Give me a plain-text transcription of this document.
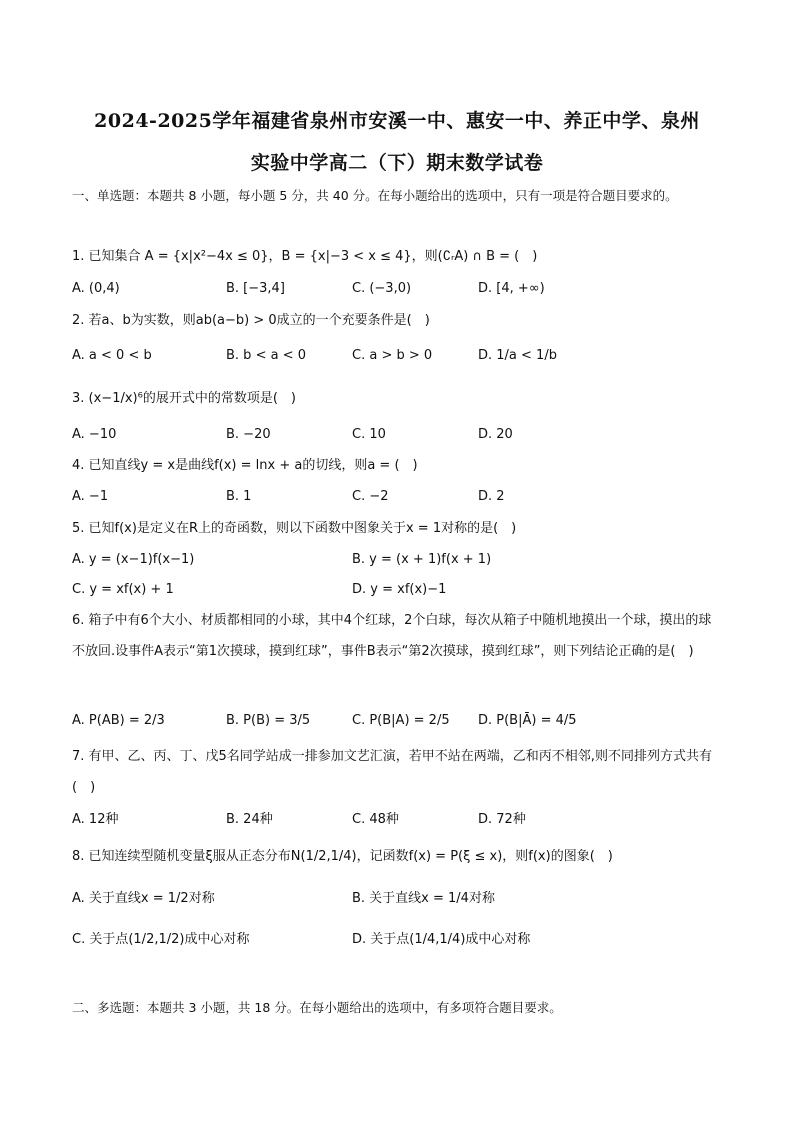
2024-2025学年福建省泉州市安溪一中、惠安一中、养正中学、泉州
实验中学高二（下）期末数学试卷
一、单选题：本题共 8 小题，每小题 5 分，共 40 分。在每小题给出的选项中，只有一项是符合题目要求的。
1. 已知集合 A = {x|x²−4x ≤ 0}，B = {x|−3 < x ≤ 4}，则(∁ᵣA) ∩ B = (　)
A. (0,4)	B. [−3,4]	C. (−3,0)	D. [4, +∞)
2. 若a、b为实数，则ab(a−b) > 0成立的一个充要条件是(　)
A. a < 0 < b	B. b < a < 0	C. a > b > 0	D. 1/a < 1/b
3. (x−1/x)⁶的展开式中的常数项是(　)
A. −10	B. −20	C. 10	D. 20
4. 已知直线y = x是曲线f(x) = lnx + a的切线，则a = (　)
A. −1	B. 1	C. −2	D. 2
5. 已知f(x)是定义在R上的奇函数，则以下函数中图象关于x = 1对称的是(　)
A. y = (x−1)f(x−1)	B. y = (x + 1)f(x + 1)
C. y = xf(x) + 1	D. y = xf(x)−1
6. 箱子中有6个大小、材质都相同的小球，其中4个红球，2个白球，每次从箱子中随机地摸出一个球，摸出的球不放回.设事件A表示“第1次摸球，摸到红球”，事件B表示“第2次摸球，摸到红球”，则下列结论正确的是(　)
A. P(AB) = 2/3	B. P(B) = 3/5	C. P(B|A) = 2/5 D. P(B|Ā) = 4/5
7. 有甲、乙、丙、丁、戊5名同学站成一排参加文艺汇演，若甲不站在两端，乙和丙不相邻,则不同排列方式共有(　)
A. 12种	B. 24种	C. 48种	D. 72种
8. 已知连续型随机变量ξ服从正态分布N(1/2,1/4)，记函数f(x) = P(ξ ≤ x)，则f(x)的图象(　)
A. 关于直线x = 1/2对称	B. 关于直线x = 1/4对称
C. 关于点(1/2,1/2)成中心对称	D. 关于点(1/4,1/4)成中心对称
二、多选题：本题共 3 小题，共 18 分。在每小题给出的选项中，有多项符合题目要求。
